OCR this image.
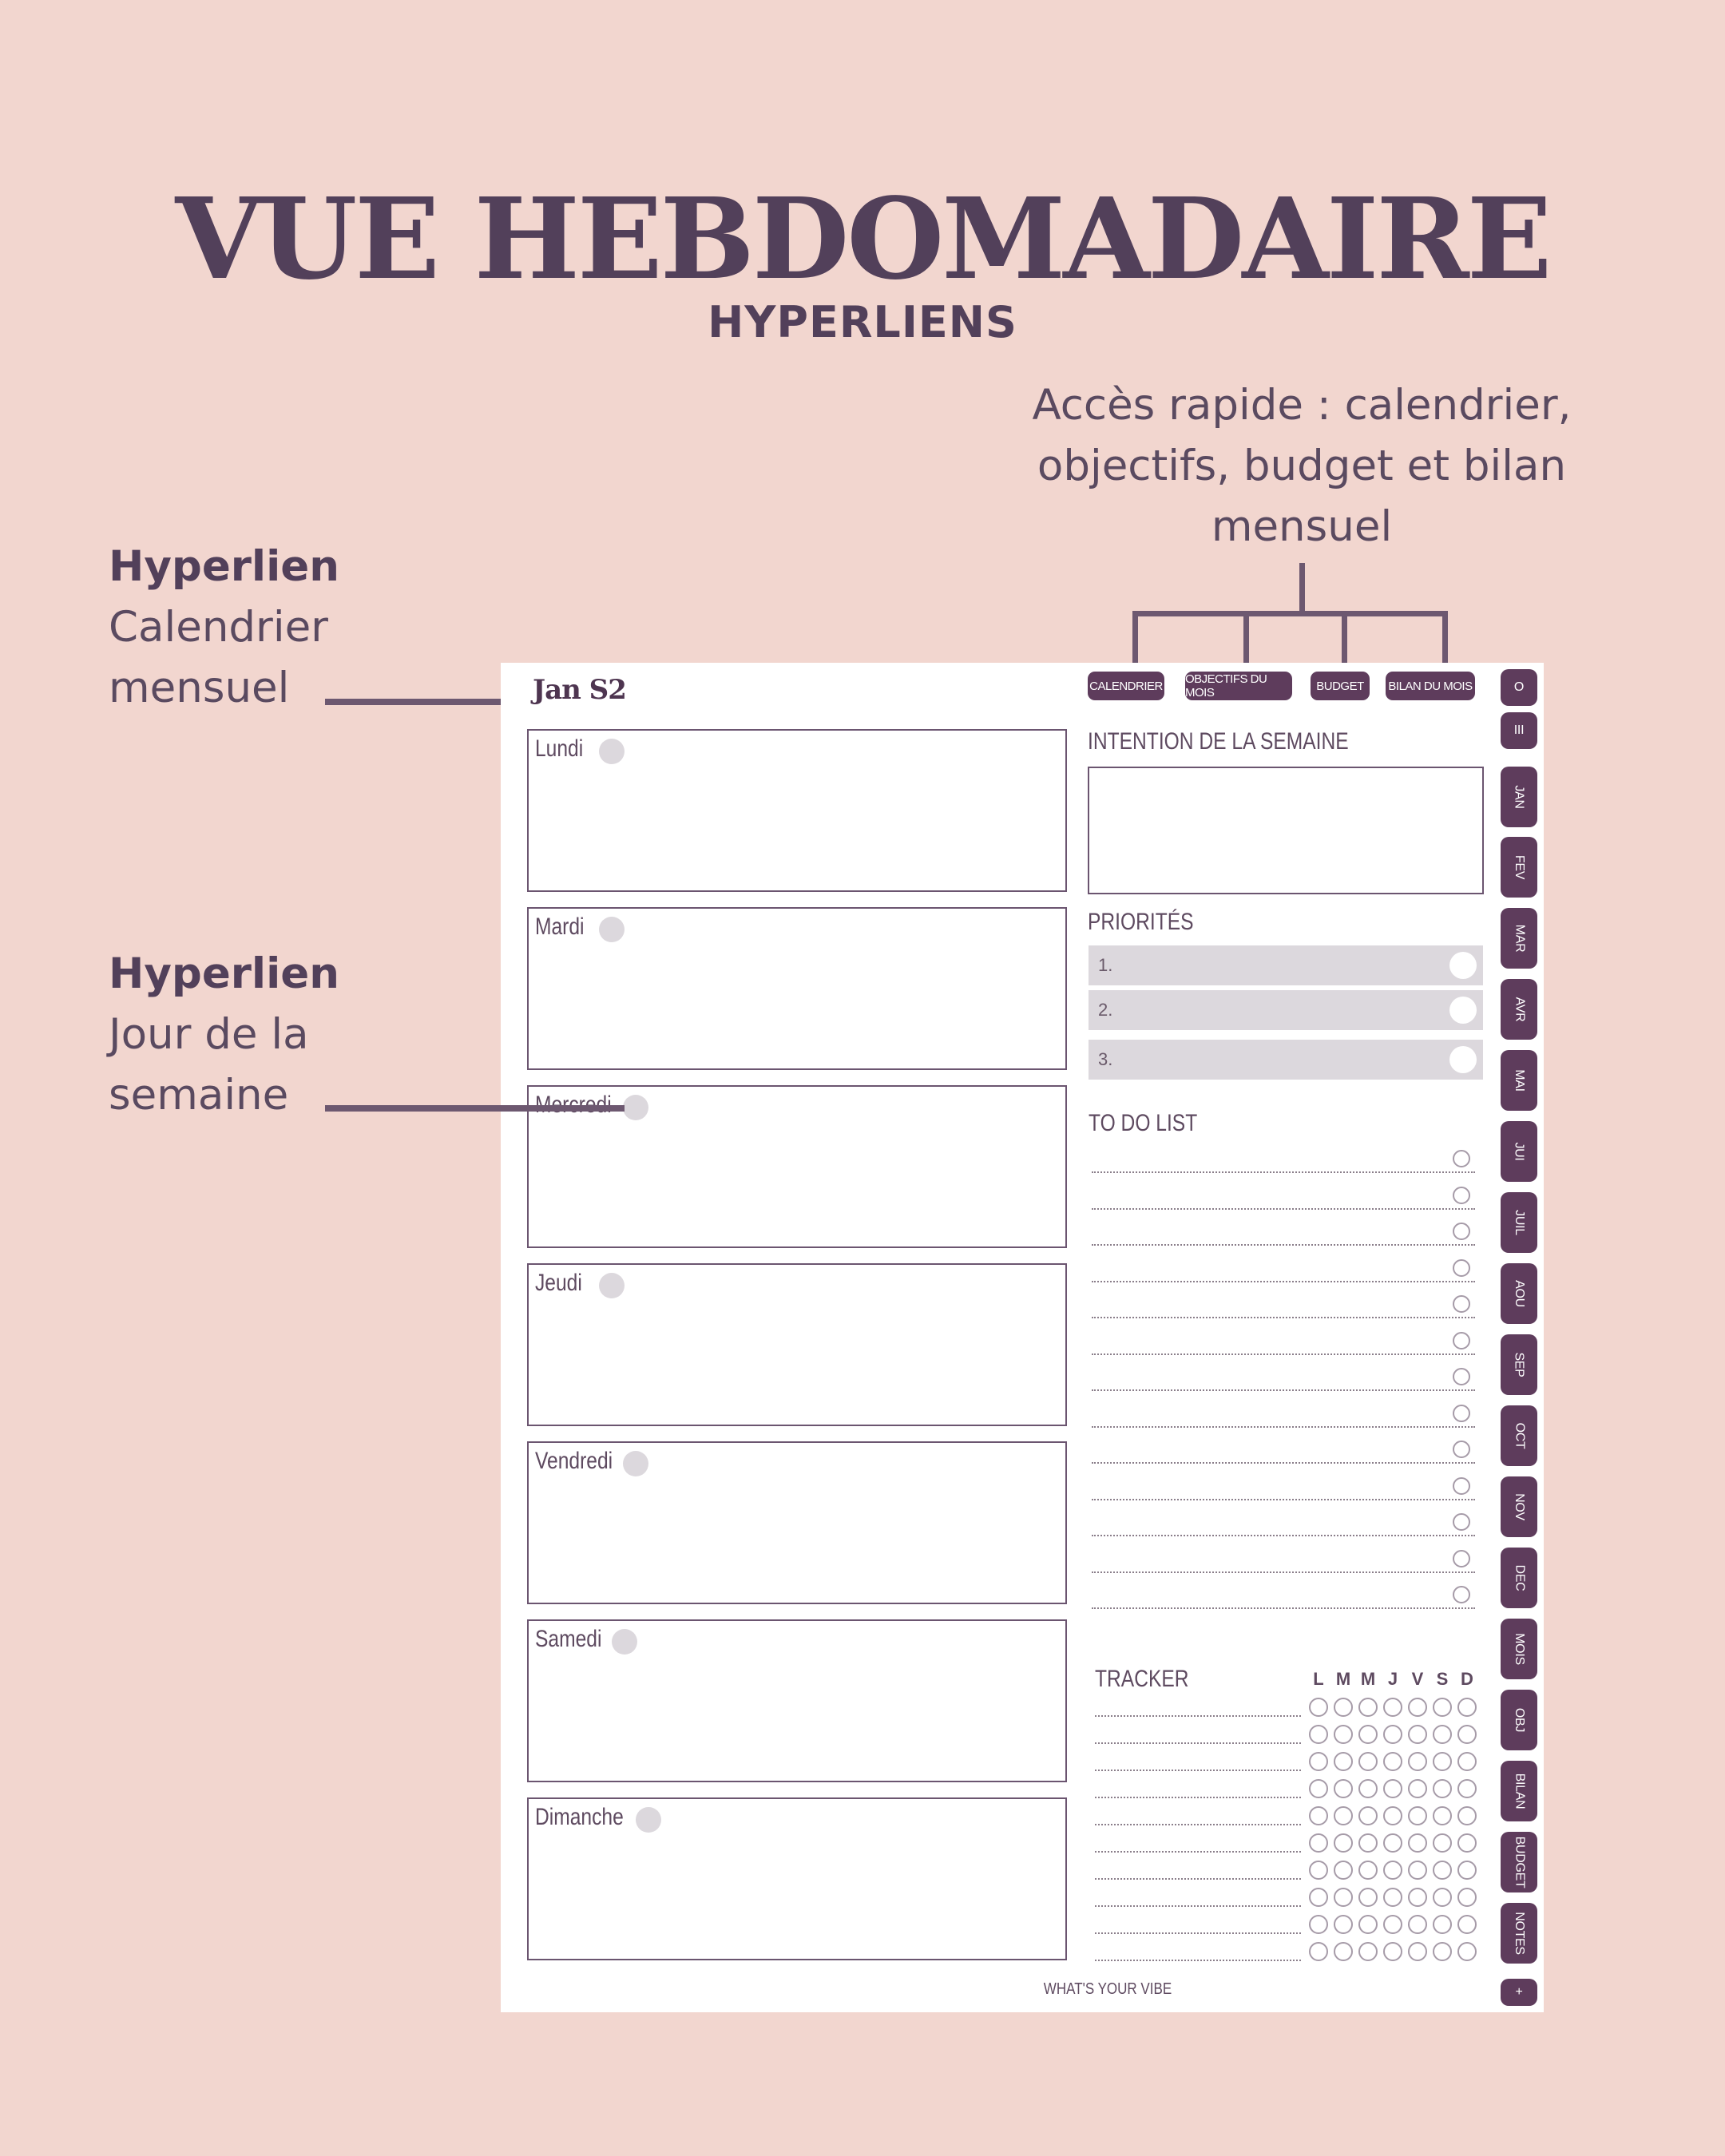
VUE HEBDOMADAIRE
HYPERLIENS
Accès rapide : calendrier,
objectifs, budget et bilan
mensuel
Hyperlien
Calendrier
mensuel
Hyperlien
Jour de la
semaine
Jan S2	CALENDRIER OBJECTIFS DU MOIS	BUDGET	BILAN DU MOIS
Lundi
Mardi
Jeudi
Vendredi
Samedi
Dimanche
INTENTION DE LA SEMAINE
PRIORITÉS
1.
2.
3.
TO DO LIST
TRACKER	L M M J V S D
O
III
JAN
FEV
MAR
AVR
MAI
JUI
JUIL
AOU
SEP
OCT
NOV
DEC
MOIS
OBJ
BILAN
BUDGET
NOTES
+
WHAT'S YOUR VIBE
